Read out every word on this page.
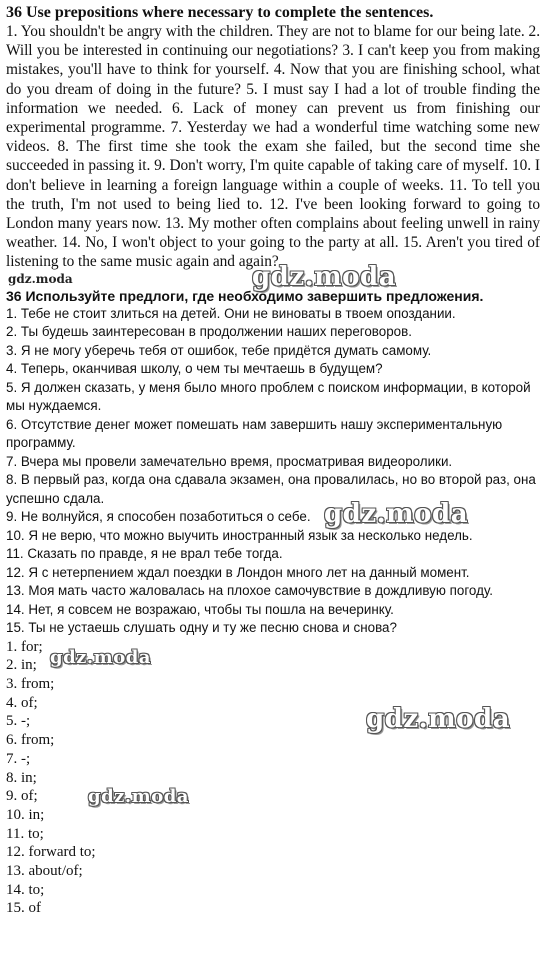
36 Use prepositions where necessary to complete the sentences.

1. You shouldn't be angry with the children. They are not to blame for our being late. 2. Will you be interested in continuing our negotiations? 3. I can't keep you from making mistakes, you'll have to think for yourself. 4. Now that you are finishing school, what do you dream of doing in the future? 5. I must say I had a lot of trouble finding the information we needed. 6. Lack of money can prevent us from finishing our experimental programme. 7. Yesterday we had a wonderful time watching some new videos. 8. The first time she took the exam she failed, but the second time she succeeded in passing it. 9. Don't worry, I'm quite capable of taking care of myself. 10. I don't believe in learning a foreign language within a couple of weeks. 11. To tell you the truth, I'm not used to being lied to. 12. I've been looking forward to going to London many years now. 13. My mother often complains about feeling unwell in rainy weather. 14. No, I won't object to your going to the party at all. 15. Aren't you tired of listening to the same music again and again?

gdz.moda

36 Используйте предлоги, где необходимо завершить предложения.

1. Тебе не стоит злиться на детей. Они не виноваты в твоем опоздании.
2. Ты будешь заинтересован в продолжении наших переговоров.
3. Я не могу уберечь тебя от ошибок, тебе придётся думать самому.
4. Теперь, оканчивая школу, о чем ты мечтаешь в будущем?
5. Я должен сказать, у меня было много проблем с поиском информации, в которой мы нуждаемся.
6. Отсутствие денег может помешать нам завершить нашу экспериментальную программу.
7. Вчера мы провели замечательно время, просматривая видеоролики.
8. В первый раз, когда она сдавала экзамен, она провалилась, но во второй раз, она успешно сдала.
9. Не волнуйся, я способен позаботиться о себе.
10. Я не верю, что можно выучить иностранный язык за несколько недель.
11. Сказать по правде, я не врал тебе тогда.
12. Я с нетерпением ждал поездки в Лондон много лет на данный момент.
13. Моя мать часто жаловалась на плохое самочувствие в дождливую погоду.
14. Нет, я совсем не возражаю, чтобы ты пошла на вечеринку.
15. Ты не устаешь слушать одну и ту же песню снова и снова?
1. for;
2. in;
3. from;
4. of;
5. -;
6. from;
7. -;
8. in;
9. of;
10. in;
11. to;
12. forward to;
13. about/of;
14. to;
15. of
gdz.moda
gdz.moda
gdz.moda
gdz.moda
gdz.moda
